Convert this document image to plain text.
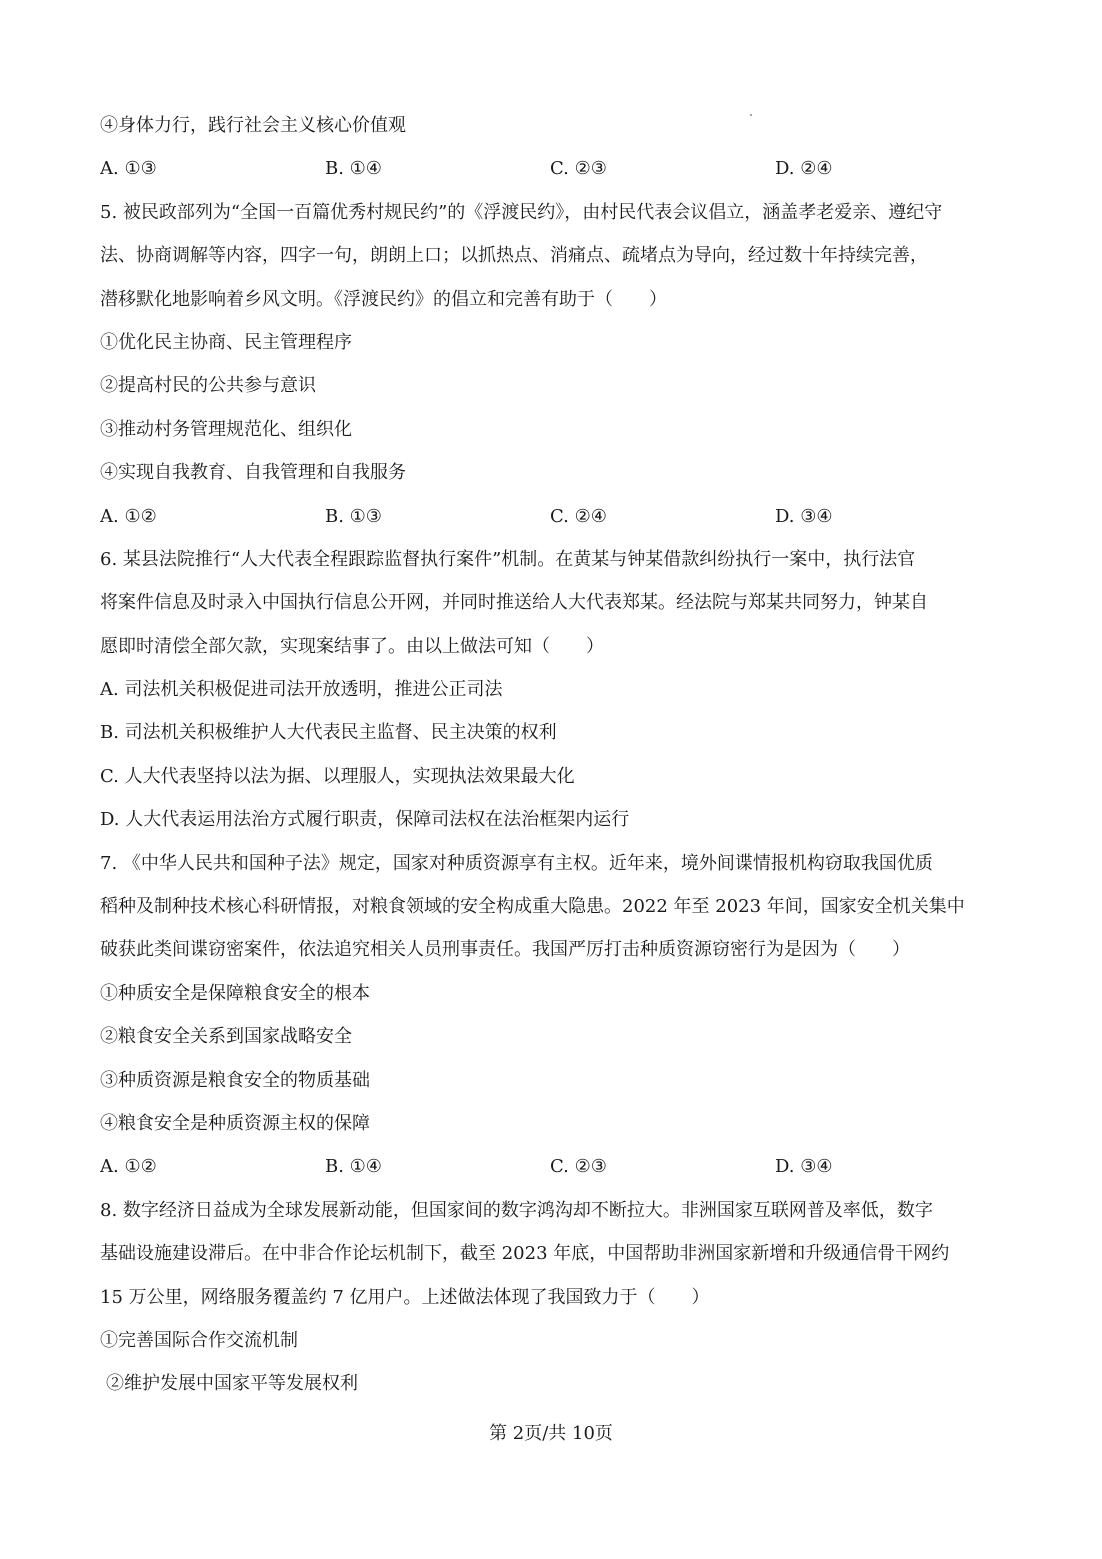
④身体力行，践行社会主义核心价值观
A. ①③	B. ①④	C. ②③	D. ②④
5. 被民政部列为“全国一百篇优秀村规民约”的《浮渡民约》，由村民代表会议倡立，涵盖孝老爱亲、遵纪守
法、协商调解等内容，四字一句，朗朗上口；以抓热点、消痛点、疏堵点为导向，经过数十年持续完善，
潜移默化地影响着乡风文明。《浮渡民约》的倡立和完善有助于（　　）
①优化民主协商、民主管理程序
②提高村民的公共参与意识
③推动村务管理规范化、组织化
④实现自我教育、自我管理和自我服务
A. ①②	B. ①③	C. ②④	D. ③④
6. 某县法院推行“人大代表全程跟踪监督执行案件”机制。在黄某与钟某借款纠纷执行一案中，执行法官
将案件信息及时录入中国执行信息公开网，并同时推送给人大代表郑某。经法院与郑某共同努力，钟某自
愿即时清偿全部欠款，实现案结事了。由以上做法可知（　　）
A. 司法机关积极促进司法开放透明，推进公正司法
B. 司法机关积极维护人大代表民主监督、民主决策的权利
C. 人大代表坚持以法为据、以理服人，实现执法效果最大化
D. 人大代表运用法治方式履行职责，保障司法权在法治框架内运行
7. 《中华人民共和国种子法》规定，国家对种质资源享有主权。近年来，境外间谍情报机构窃取我国优质
稻种及制种技术核心科研情报，对粮食领域的安全构成重大隐患。2022 年至 2023 年间，国家安全机关集中
破获此类间谍窃密案件，依法追究相关人员刑事责任。我国严厉打击种质资源窃密行为是因为（　　）
①种质安全是保障粮食安全的根本
②粮食安全关系到国家战略安全
③种质资源是粮食安全的物质基础
④粮食安全是种质资源主权的保障
A. ①②	B. ①④	C. ②③	D. ③④
8. 数字经济日益成为全球发展新动能，但国家间的数字鸿沟却不断拉大。非洲国家互联网普及率低，数字
基础设施建设滞后。在中非合作论坛机制下，截至 2023 年底，中国帮助非洲国家新增和升级通信骨干网约
15 万公里，网络服务覆盖约 7 亿用户。上述做法体现了我国致力于（　　）
①完善国际合作交流机制
②维护发展中国家平等发展权利
第 2页/共 10页
